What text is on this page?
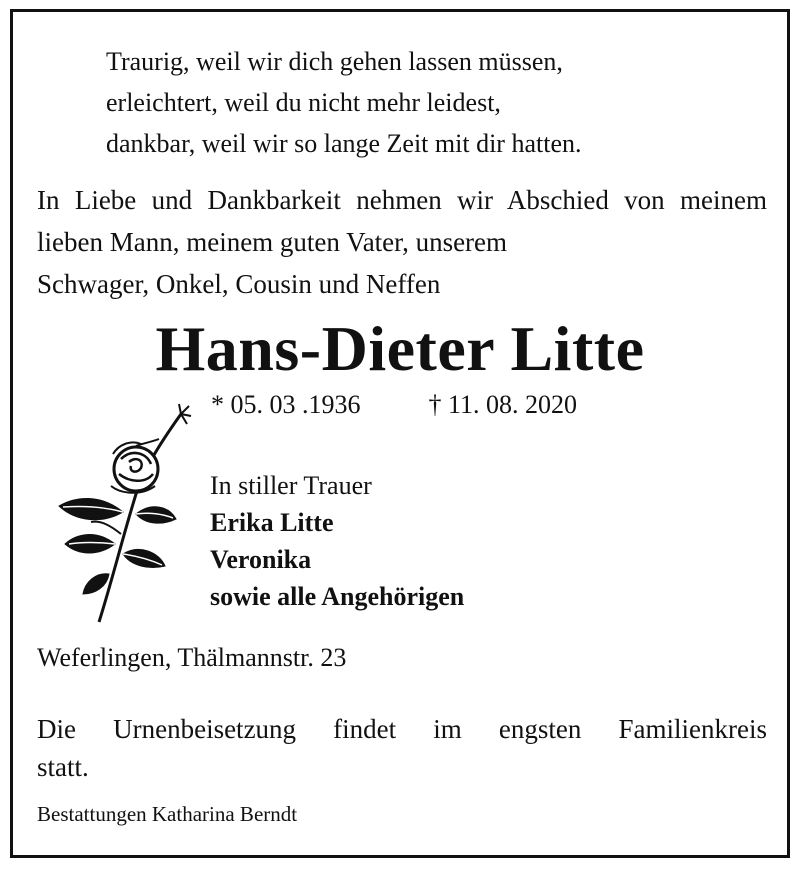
Traurig, weil wir dich gehen lassen müssen,
erleichtert, weil du nicht mehr leidest,
dankbar, weil wir so lange Zeit mit dir hatten.

In Liebe und Dankbarkeit nehmen wir Abschied von meinem lieben Mann, meinem guten Vater, unserem
Schwager, Onkel, Cousin und Neffen

Hans-Dieter Litte
* 05. 03 .1936	† 11. 08. 2020
In stiller Trauer
Erika Litte
Veronika
sowie alle Angehörigen
Weferlingen, Thälmannstr. 23

Die Urnenbeisetzung findet im engsten Familienkreis
statt.

Bestattungen Katharina Berndt
